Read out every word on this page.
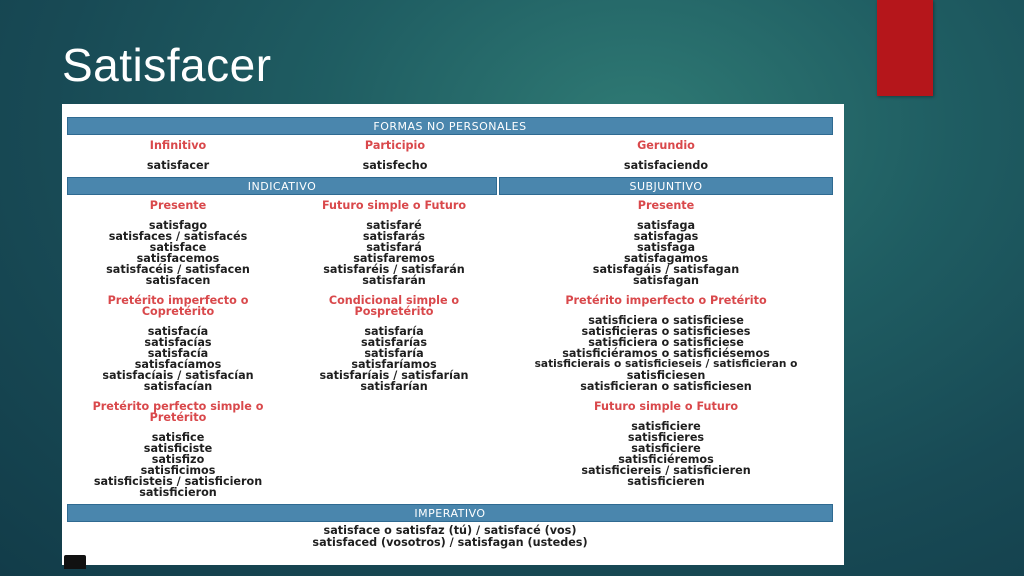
Satisfacer
FORMAS NO PERSONALES
INDICATIVO	SUBJUNTIVO
IMPERATIVO
Infinitivo
satisfacer
Participio
satisfecho
Gerundio
satisfaciendo
Presente
satisfago
satisfaces / satisfacés
satisface
satisfacemos
satisfacéis / satisfacen
satisfacen
Futuro simple o Futuro
satisfaré
satisfarás
satisfará
satisfaremos
satisfaréis / satisfarán
satisfarán
Pretérito imperfecto o
Copretérito
satisfacía
satisfacías
satisfacía
satisfacíamos
satisfacíais / satisfacían
satisfacían
Condicional simple o
Pospretérito
satisfaría
satisfarías
satisfaría
satisfaríamos
satisfaríais / satisfarían
satisfarían
Pretérito perfecto simple o
Pretérito
satisfice
satisficiste
satisfizo
satisficimos
satisficisteis / satisficieron
satisficieron
Presente
satisfaga
satisfagas
satisfaga
satisfagamos
satisfagáis / satisfagan
satisfagan
Pretérito imperfecto o Pretérito
satisficiera o satisficiese
satisficieras o satisficieses
satisficiera o satisficiese
satisficiéramos o satisficiésemos
satisficierais o satisficieseis / satisficieran o
satisficiesen
satisficieran o satisficiesen
Futuro simple o Futuro
satisficiere
satisficieres
satisficiere
satisficiéremos
satisficiereis / satisficieren
satisficieren
satisface o satisfaz (tú) / satisfacé (vos)
satisfaced (vosotros) / satisfagan (ustedes)
